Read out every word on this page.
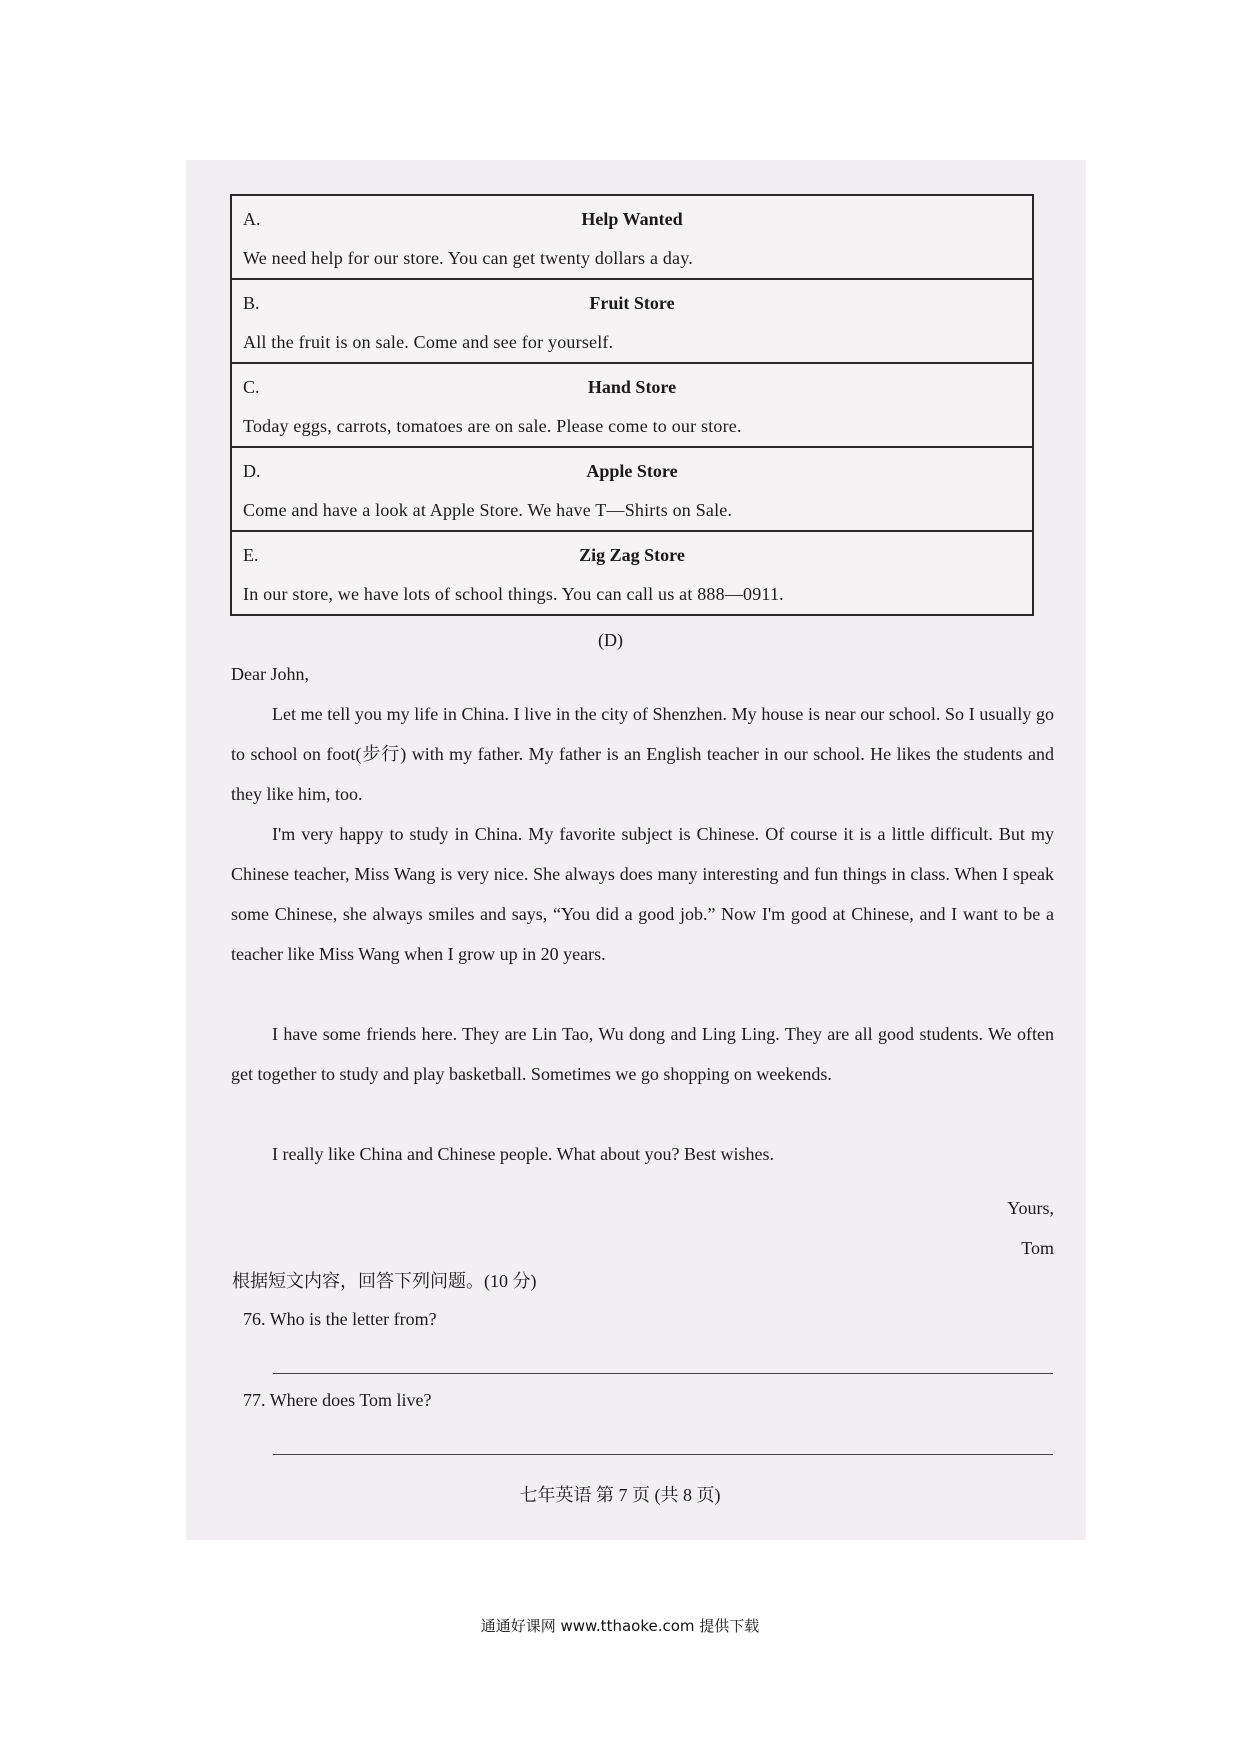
A.	Help Wanted
We need help for our store. You can get twenty dollars a day.
B.	Fruit Store
All the fruit is on sale. Come and see for yourself.
C.	Hand Store
Today eggs, carrots, tomatoes are on sale. Please come to our store.
D.	Apple Store
Come and have a look at Apple Store. We have T—Shirts on Sale.
E.	Zig Zag Store
In our store, we have lots of school things. You can call us at 888—0911.
(D)
Dear John,
Let me tell you my life in China. I live in the city of Shenzhen. My house is near our school. So I usually go to school on foot(步行) with my father. My father is an English teacher in our school. He likes the students and they like him, too.
I'm very happy to study in China. My favorite subject is Chinese. Of course it is a little difficult. But my Chinese teacher, Miss Wang is very nice. She always does many interesting and fun things in class. When I speak some Chinese, she always smiles and says, “You did a good job.” Now I'm good at Chinese, and I want to be a teacher like Miss Wang when I grow up in 20 years.
I have some friends here. They are Lin Tao, Wu dong and Ling Ling. They are all good students. We often get together to study and play basketball. Sometimes we go shopping on weekends.
I really like China and Chinese people. What about you? Best wishes.
Yours,
Tom
根据短文内容，回答下列问题。(10 分)
76. Who is the letter from?
77. Where does Tom live?
七年英语 第 7 页 (共 8 页)
通通好课网 www.tthaoke.com 提供下载
